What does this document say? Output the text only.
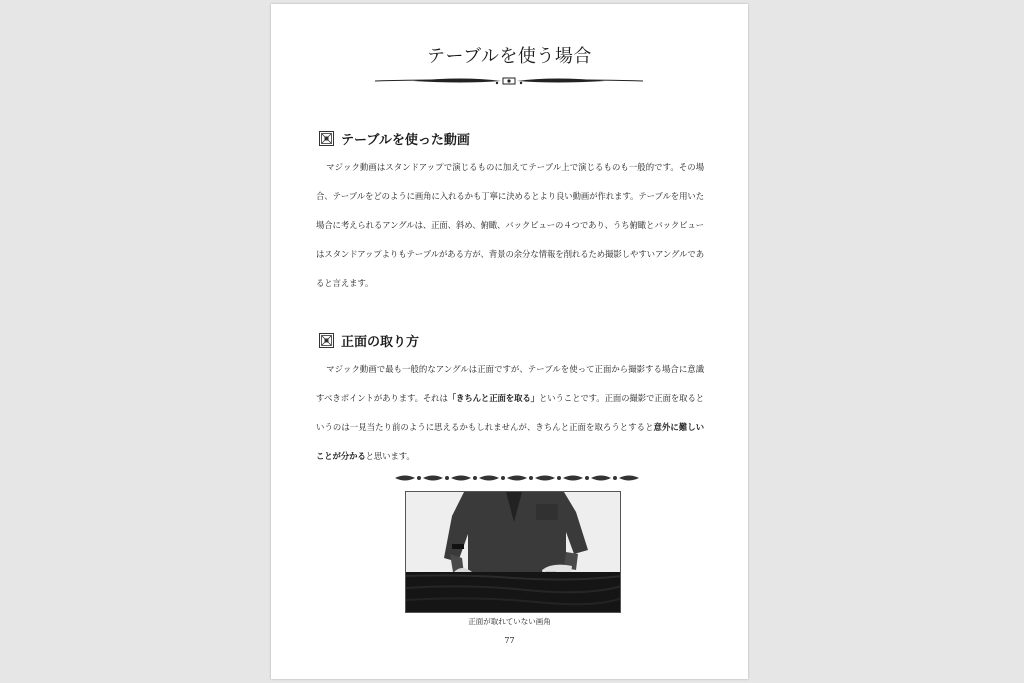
テーブルを使う場合
テーブルを使った動画
マジック動画はスタンドアップで演じるものに加えてテーブル上で演じるものも一般的です。その場合、テーブルをどのように画角に入れるかも丁寧に決めるとより良い動画が作れます。テーブルを用いた場合に考えられるアングルは、正面、斜め、俯瞰、バックビューの４つであり、うち俯瞰とバックビューはスタンドアップよりもテーブルがある方が、背景の余分な情報を削れるため撮影しやすいアングルであると言えます。
正面の取り方
マジック動画で最も一般的なアングルは正面ですが、テーブルを使って正面から撮影する場合に意識すべきポイントがあります。それは「きちんと正面を取る」ということです。正面の撮影で正面を取るというのは一見当たり前のように思えるかもしれませんが、きちんと正面を取ろうとすると意外に難しいことが分かると思います。
正面が取れていない画角
77
